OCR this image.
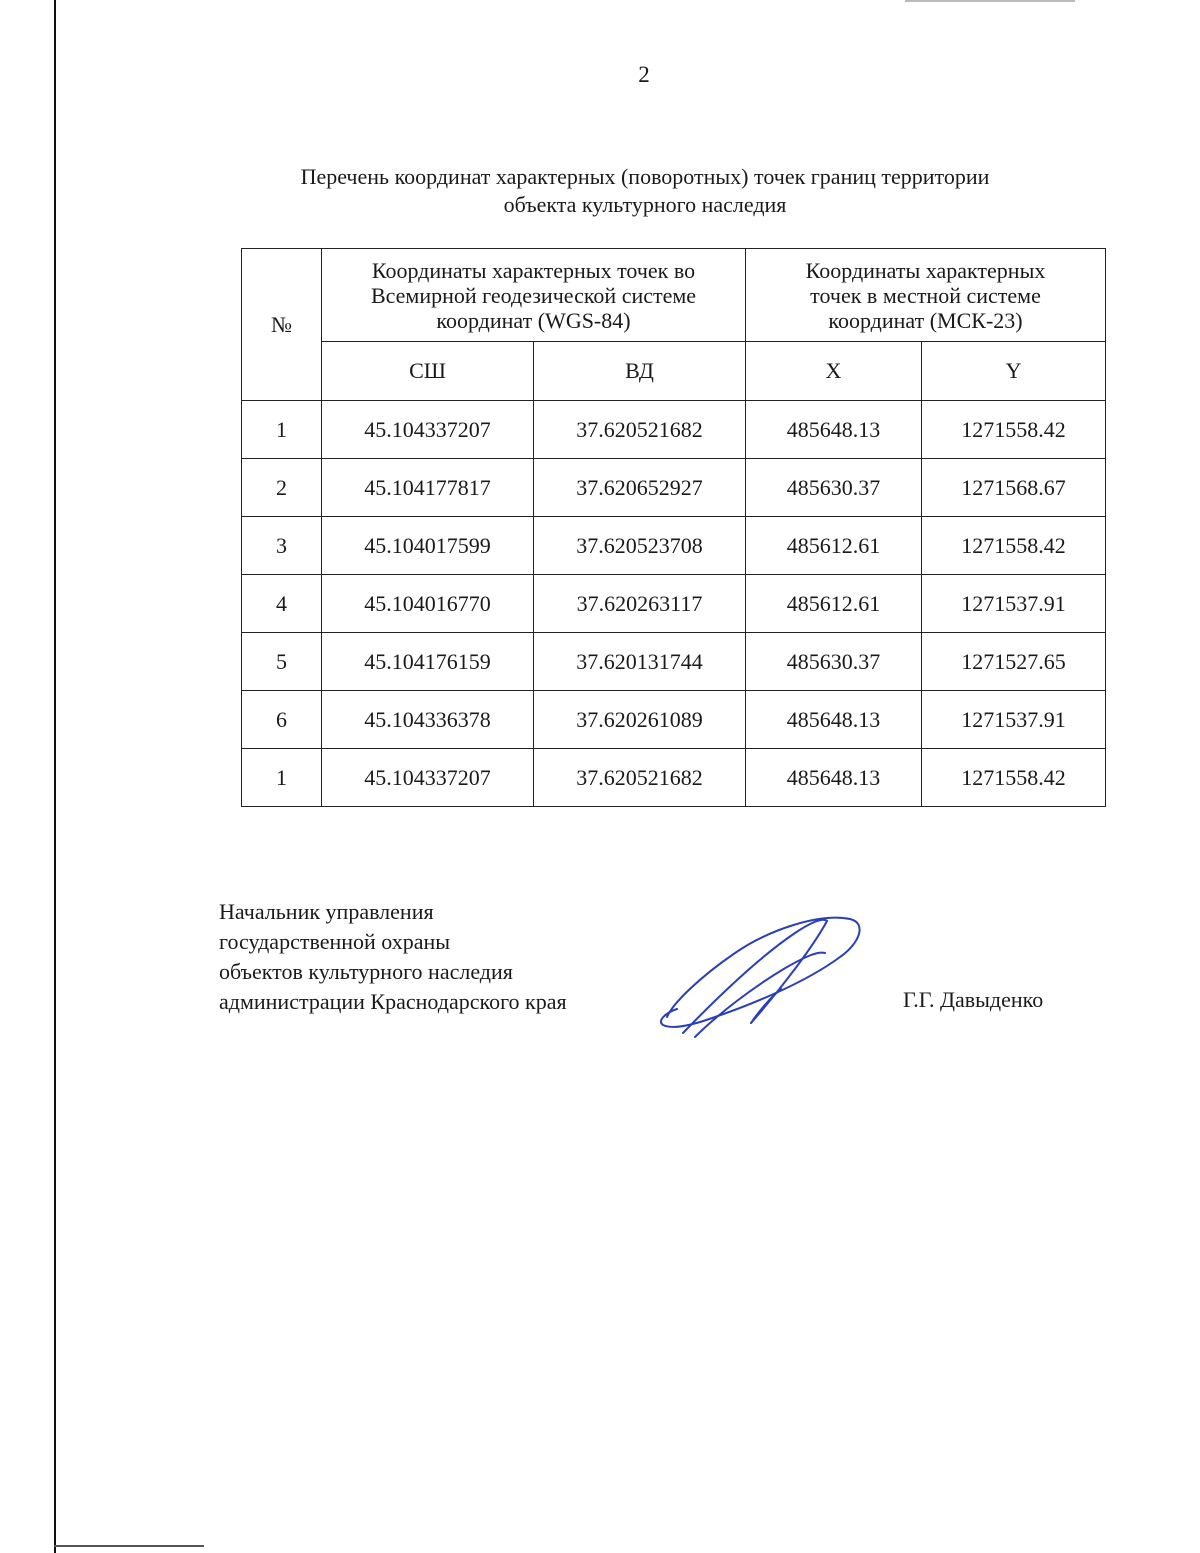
2
Перечень координат характерных (поворотных) точек границ территории
объекта культурного наследия
№	Координаты характерных точек во
Всемирной геодезической системе
координат (WGS-84)		Координаты характерных
точек в местной системе
координат (МСК-23)	

	СШ	ВД	X	Y
1	45.104337207	37.620521682	485648.13	1271558.42
2	45.104177817	37.620652927	485630.37	1271568.67
3	45.104017599	37.620523708	485612.61	1271558.42
4	45.104016770	37.620263117	485612.61	1271537.91
5	45.104176159	37.620131744	485630.37	1271527.65
6	45.104336378	37.620261089	485648.13	1271537.91
1	45.104337207	37.620521682	485648.13	1271558.42
Начальник управления
государственной охраны
объектов культурного наследия
администрации Краснодарского края	Г.Г. Давыденко
